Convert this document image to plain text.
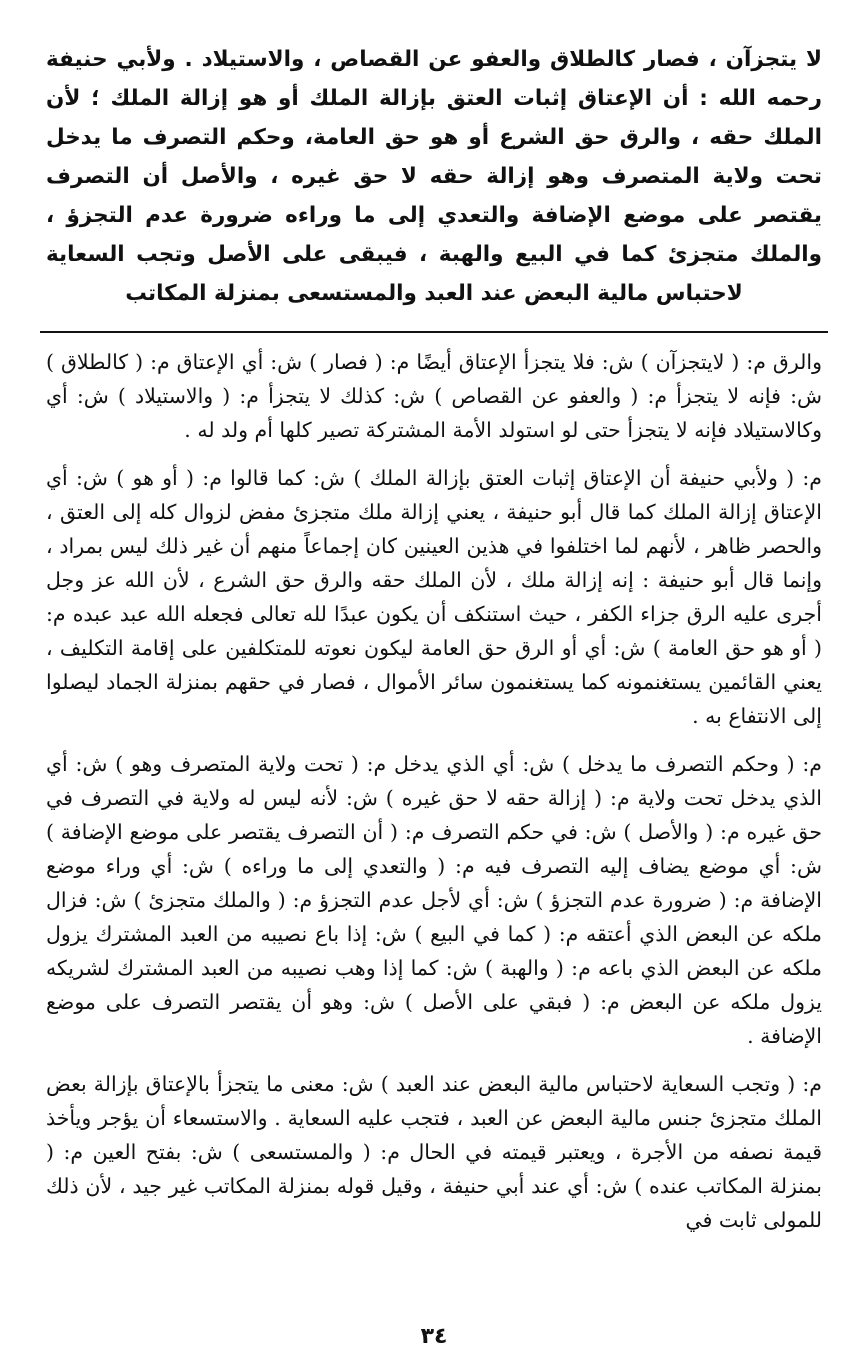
لا يتجزآن ، فصار كالطلاق والعفو عن القصاص ، والاستيلاد . ولأبي حنيفة رحمه الله : أن الإعتاق إثبات العتق بإزالة الملك أو هو إزالة الملك ؛ لأن الملك حقه ، والرق حق الشرع أو هو حق العامة، وحكم التصرف ما يدخل تحت ولاية المتصرف وهو إزالة حقه لا حق غيره ، والأصل أن التصرف يقتصر على موضع الإضافة والتعدي إلى ما وراءه ضرورة عدم التجزؤ ، والملك متجزئ كما في البيع والهبة ، فيبقى على الأصل وتجب السعاية لاحتباس مالية البعض عند العبد والمستسعى بمنزلة المكاتب

والرق م: ( لايتجزآن ) ش: فلا يتجزأ الإعتاق أيضًا م: ( فصار ) ش: أي الإعتاق م: ( كالطلاق ) ش: فإنه لا يتجزأ م: ( والعفو عن القصاص ) ش: كذلك لا يتجزأ م: ( والاستيلاد ) ش: أي وكالاستيلاد فإنه لا يتجزأ حتى لو استولد الأمة المشتركة تصير كلها أم ولد له .

م: ( ولأبي حنيفة أن الإعتاق إثبات العتق بإزالة الملك ) ش: كما قالوا م: ( أو هو ) ش: أي الإعتاق إزالة الملك كما قال أبو حنيفة ، يعني إزالة ملك متجزئ مفض لزوال كله إلى العتق ، والحصر ظاهر ، لأنهم لما اختلفوا في هذين العينين كان إجماعاً منهم أن غير ذلك ليس بمراد ، وإنما قال أبو حنيفة : إنه إزالة ملك ، لأن الملك حقه والرق حق الشرع ، لأن الله عز وجل أجرى عليه الرق جزاء الكفر ، حيث استنكف أن يكون عبدًا لله تعالى فجعله الله عبد عبده م: ( أو هو حق العامة ) ش: أي أو الرق حق العامة ليكون نعوته للمتكلفين على إقامة التكليف ، يعني القائمين يستغنمونه كما يستغنمون سائر الأموال ، فصار في حقهم بمنزلة الجماد ليصلوا إلى الانتفاع به .

م: ( وحكم التصرف ما يدخل ) ش: أي الذي يدخل م: ( تحت ولاية المتصرف وهو ) ش: أي الذي يدخل تحت ولاية م: ( إزالة حقه لا حق غيره ) ش: لأنه ليس له ولاية في التصرف في حق غيره م: ( والأصل ) ش: في حكم التصرف م: ( أن التصرف يقتصر على موضع الإضافة ) ش: أي موضع يضاف إليه التصرف فيه م: ( والتعدي إلى ما وراءه ) ش: أي وراء موضع الإضافة م: ( ضرورة عدم التجزؤ ) ش: أي لأجل عدم التجزؤ م: ( والملك متجزئ ) ش: فزال ملكه عن البعض الذي أعتقه م: ( كما في البيع ) ش: إذا باع نصيبه من العبد المشترك يزول ملكه عن البعض الذي باعه م: ( والهبة ) ش: كما إذا وهب نصيبه من العبد المشترك لشريكه يزول ملكه عن البعض م: ( فبقي على الأصل ) ش: وهو أن يقتصر التصرف على موضع الإضافة .

م: ( وتجب السعاية لاحتباس مالية البعض عند العبد ) ش: معنى ما يتجزأ بالإعتاق بإزالة بعض الملك متجزئ جنس مالية البعض عن العبد ، فتجب عليه السعاية . والاستسعاء أن يؤجر ويأخذ قيمة نصفه من الأجرة ، ويعتبر قيمته في الحال م: ( والمستسعى ) ش: بفتح العين م: ( بمنزلة المكاتب عنده ) ش: أي عند أبي حنيفة ، وقيل قوله بمنزلة المكاتب غير جيد ، لأن ذلك للمولى ثابت في

٣٤
